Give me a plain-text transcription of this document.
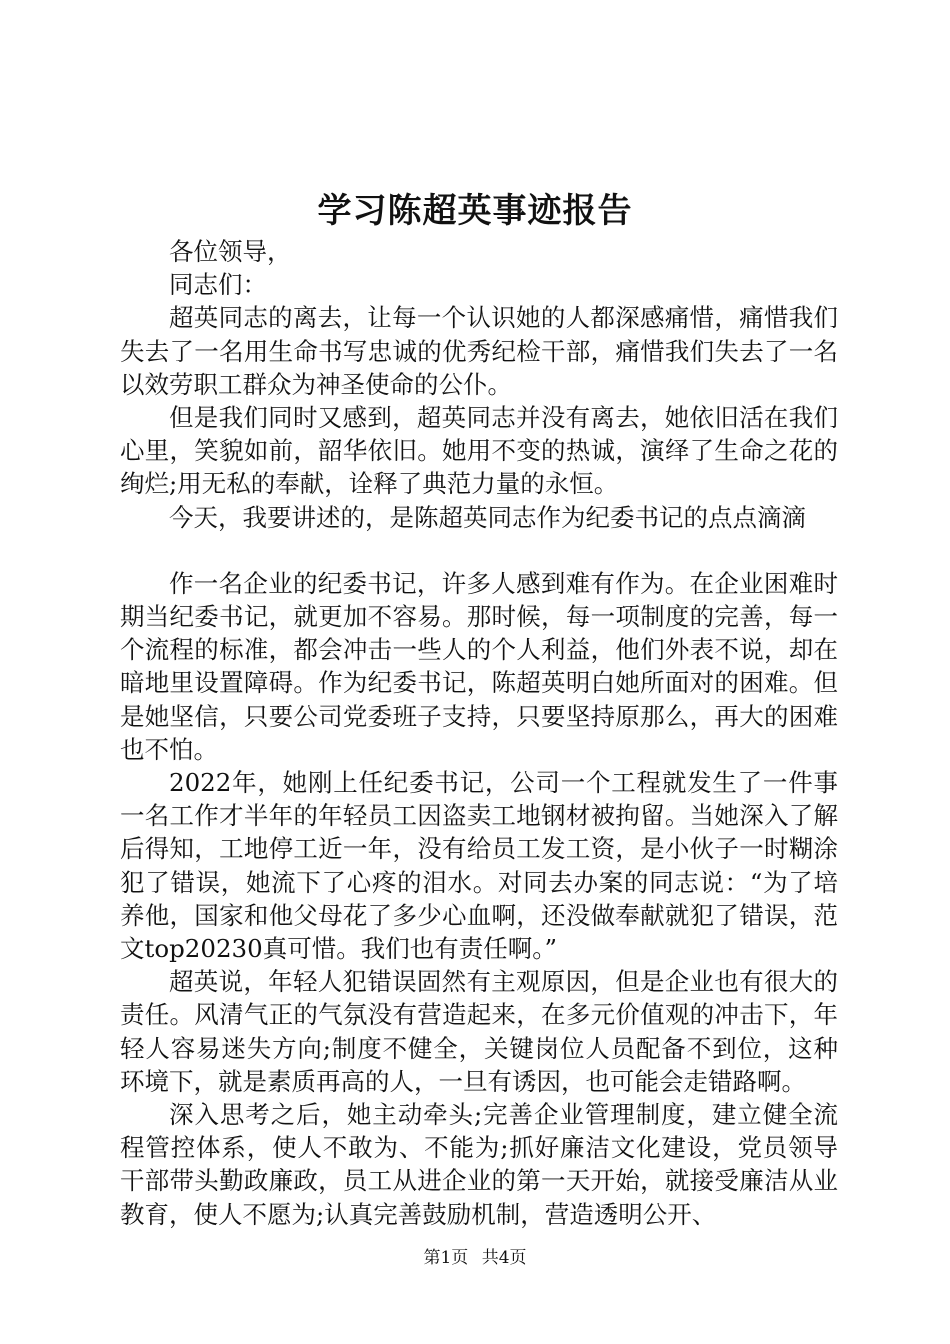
学习陈超英事迹报告

各位领导，

同志们：

超英同志的离去，让每一个认识她的人都深感痛惜，痛惜我们失去了一名用生命书写忠诚的优秀纪检干部，痛惜我们失去了一名以效劳职工群众为神圣使命的公仆。

但是我们同时又感到，超英同志并没有离去，她依旧活在我们心里，笑貌如前，韶华依旧。她用不变的热诚，演绎了生命之花的绚烂;用无私的奉献，诠释了典范力量的永恒。

今天，我要讲述的，是陈超英同志作为纪委书记的点点滴滴

作一名企业的纪委书记，许多人感到难有作为。在企业困难时期当纪委书记，就更加不容易。那时候，每一项制度的完善，每一个流程的标准，都会冲击一些人的个人利益，他们外表不说，却在暗地里设置障碍。作为纪委书记，陈超英明白她所面对的困难。但是她坚信，只要公司党委班子支持，只要坚持原那么，再大的困难也不怕。

2022年，她刚上任纪委书记，公司一个工程就发生了一件事一名工作才半年的年轻员工因盗卖工地钢材被拘留。当她深入了解后得知，工地停工近一年，没有给员工发工资，是小伙子一时糊涂犯了错误，她流下了心疼的泪水。对同去办案的同志说：“为了培养他，国家和他父母花了多少心血啊，还没做奉献就犯了错误，范文top20230真可惜。我们也有责任啊。”

超英说，年轻人犯错误固然有主观原因，但是企业也有很大的责任。风清气正的气氛没有营造起来，在多元价值观的冲击下，年轻人容易迷失方向;制度不健全，关键岗位人员配备不到位，这种环境下，就是素质再高的人，一旦有诱因，也可能会走错路啊。

深入思考之后，她主动牵头;完善企业管理制度，建立健全流程管控体系，使人不敢为、不能为;抓好廉洁文化建设，党员领导干部带头勤政廉政，员工从进企业的第一天开始，就接受廉洁从业教育，使人不愿为;认真完善鼓励机制，营造透明公开、

第1页 共4页
